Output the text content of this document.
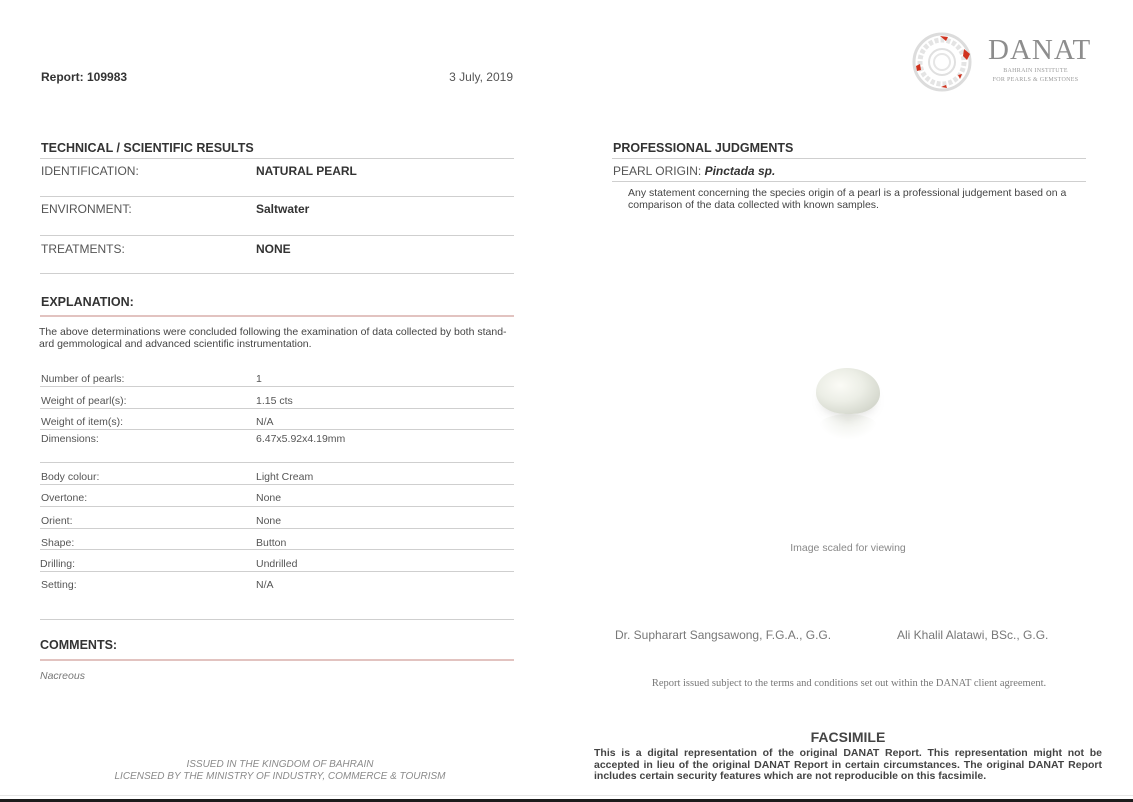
Report: 109983	3 July, 2019
DANAT
BAHRAIN INSTITUTE
FOR PEARLS & GEMSTONES
TECHNICAL / SCIENTIFIC RESULTS
IDENTIFICATION:	NATURAL PEARL
ENVIRONMENT:	Saltwater
TREATMENTS:	NONE
EXPLANATION:
The above determinations were concluded following the examination of data collected by both stand-ard gemmological and advanced scientific instrumentation.
Number of pearls:	1
Weight of pearl(s):	1.15 cts
Weight of item(s):	N/A
Dimensions:	6.47x5.92x4.19mm
Body colour:	Light Cream
Overtone:	None
Orient:	None
Shape:	Button
Drilling:	Undrilled
Setting:	N/A
COMMENTS:
Nacreous
ISSUED IN THE KINGDOM OF BAHRAIN
LICENSED BY THE MINISTRY OF INDUSTRY, COMMERCE & TOURISM
PROFESSIONAL JUDGMENTS
PEARL ORIGIN: Pinctada sp.
Any statement concerning the species origin of a pearl is a professional judgement based on a comparison of the data collected with known samples.
Image scaled for viewing
Dr. Supharart Sangsawong, F.G.A., G.G.	Ali Khalil Alatawi, BSc., G.G.
Report issued subject to the terms and conditions set out within the DANAT client agreement.
FACSIMILE
This is a digital representation of the original DANAT Report. This representation might not be accepted in lieu of the original DANAT Report in certain circumstances. The original DANAT Report includes certain security features which are not reproducible on this facsimile.
